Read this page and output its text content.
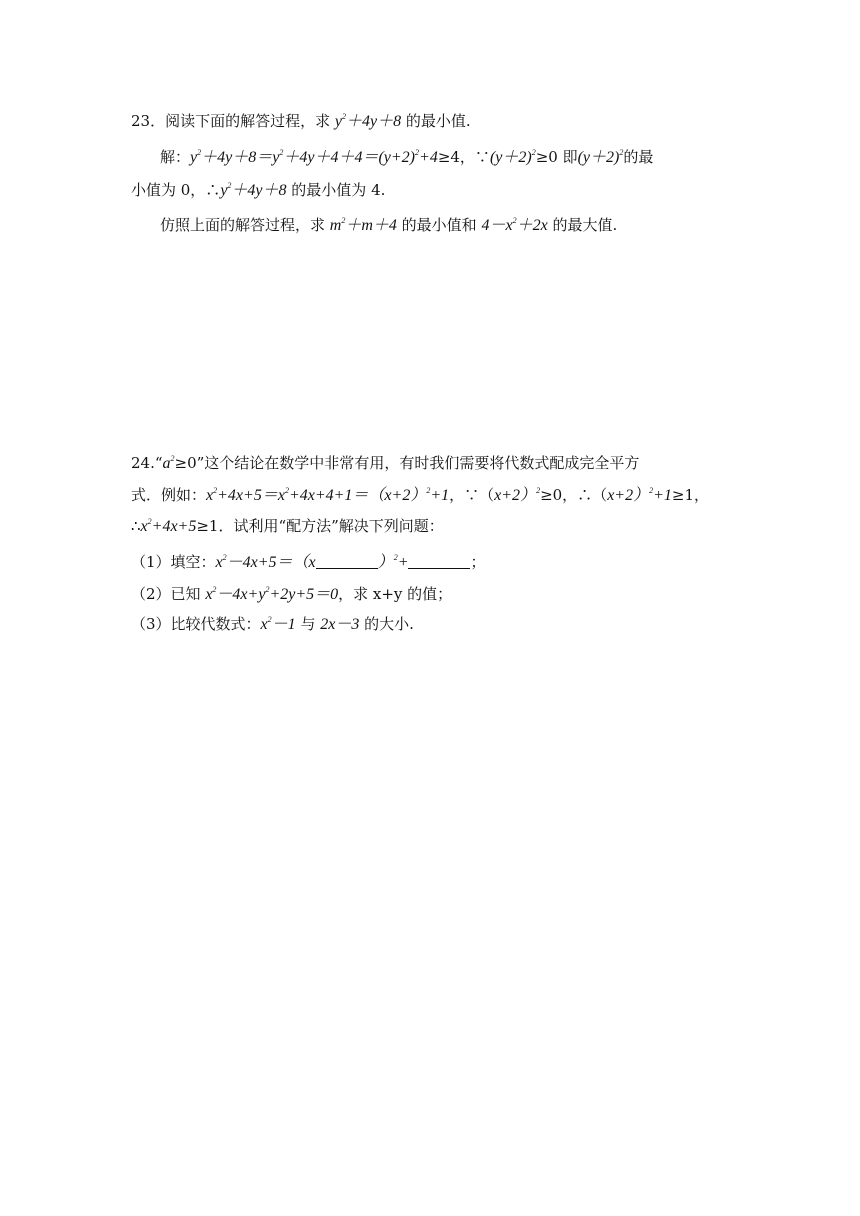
23．阅读下面的解答过程，求 $y^2+4y+8$ 的最小值.
解：$y^2+4y+8=y^2+4y+4+4=(y+2)^2+4\ge 4$，$\because(y+2)^2\ge 0$ 即$(y+2)^2$的最
小值为 0，$\therefore y^2+4y+8$ 的最小值为 4.
仿照上面的解答过程，求 $m^2+m+4$ 的最小值和 $4-x^2+2x$ 的最大值.
$24.“a^2\ge 0$”这个结论在数学中非常有用，有时我们需要将代数式配成完全平方
式．例如：$x^2+4x+5=x^2+4x+4+1=(x+2)^2+1$，$\because(x+2)^2\ge 0$，$\therefore(x+2)^2+1\ge 1$，
$\therefore x^2+4x+5\ge 1$．试利用“配方法”解决下列问题：
（1）填空：$x^2-4x+5=(x$	）$^2$+	；
（2）已知 $x^2-4x+y^2+2y+5=0$，求 x+y 的值；
（3）比较代数式：$x^2-1$ 与 2x－3 的大小.
